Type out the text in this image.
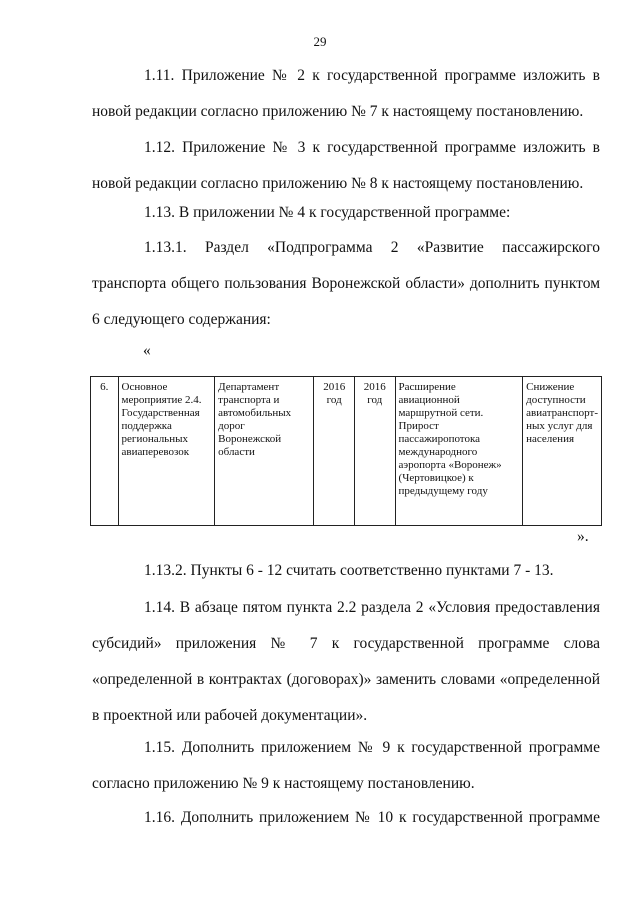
29
1.11. Приложение № 2 к государственной программе изложить в новой редакции согласно приложению № 7 к настоящему постановлению.
1.12. Приложение № 3 к государственной программе изложить в новой редакции согласно приложению № 8 к настоящему постановлению.
1.13. В приложении № 4 к государственной программе:
1.13.1. Раздел «Подпрограмма 2 «Развитие пассажирского транспорта общего пользования Воронежской области» дополнить пунктом 6 следующего содержания:
«
6.	Основное мероприятие 2.4. Государственная поддержка региональных авиаперевозок	Департамент транспорта и автомобильных дорог Воронежской области	2016 год	2016 год	Расширение авиационной маршрутной сети. Прирост пассажиропотока международного аэропорта «Воронеж» (Чертовицкое) к предыдущему году	Снижение доступности авиатранспорт-ных услуг для населения
».
1.13.2. Пункты 6 - 12 считать соответственно пунктами 7 - 13.
1.14. В абзаце пятом пункта 2.2 раздела 2 «Условия предоставления субсидий» приложения № 7 к государственной программе слова «определенной в контрактах (договорах)» заменить словами «определенной в проектной или рабочей документации».
1.15. Дополнить приложением № 9 к государственной программе согласно приложению № 9 к настоящему постановлению.
1.16. Дополнить приложением № 10 к государственной программе
